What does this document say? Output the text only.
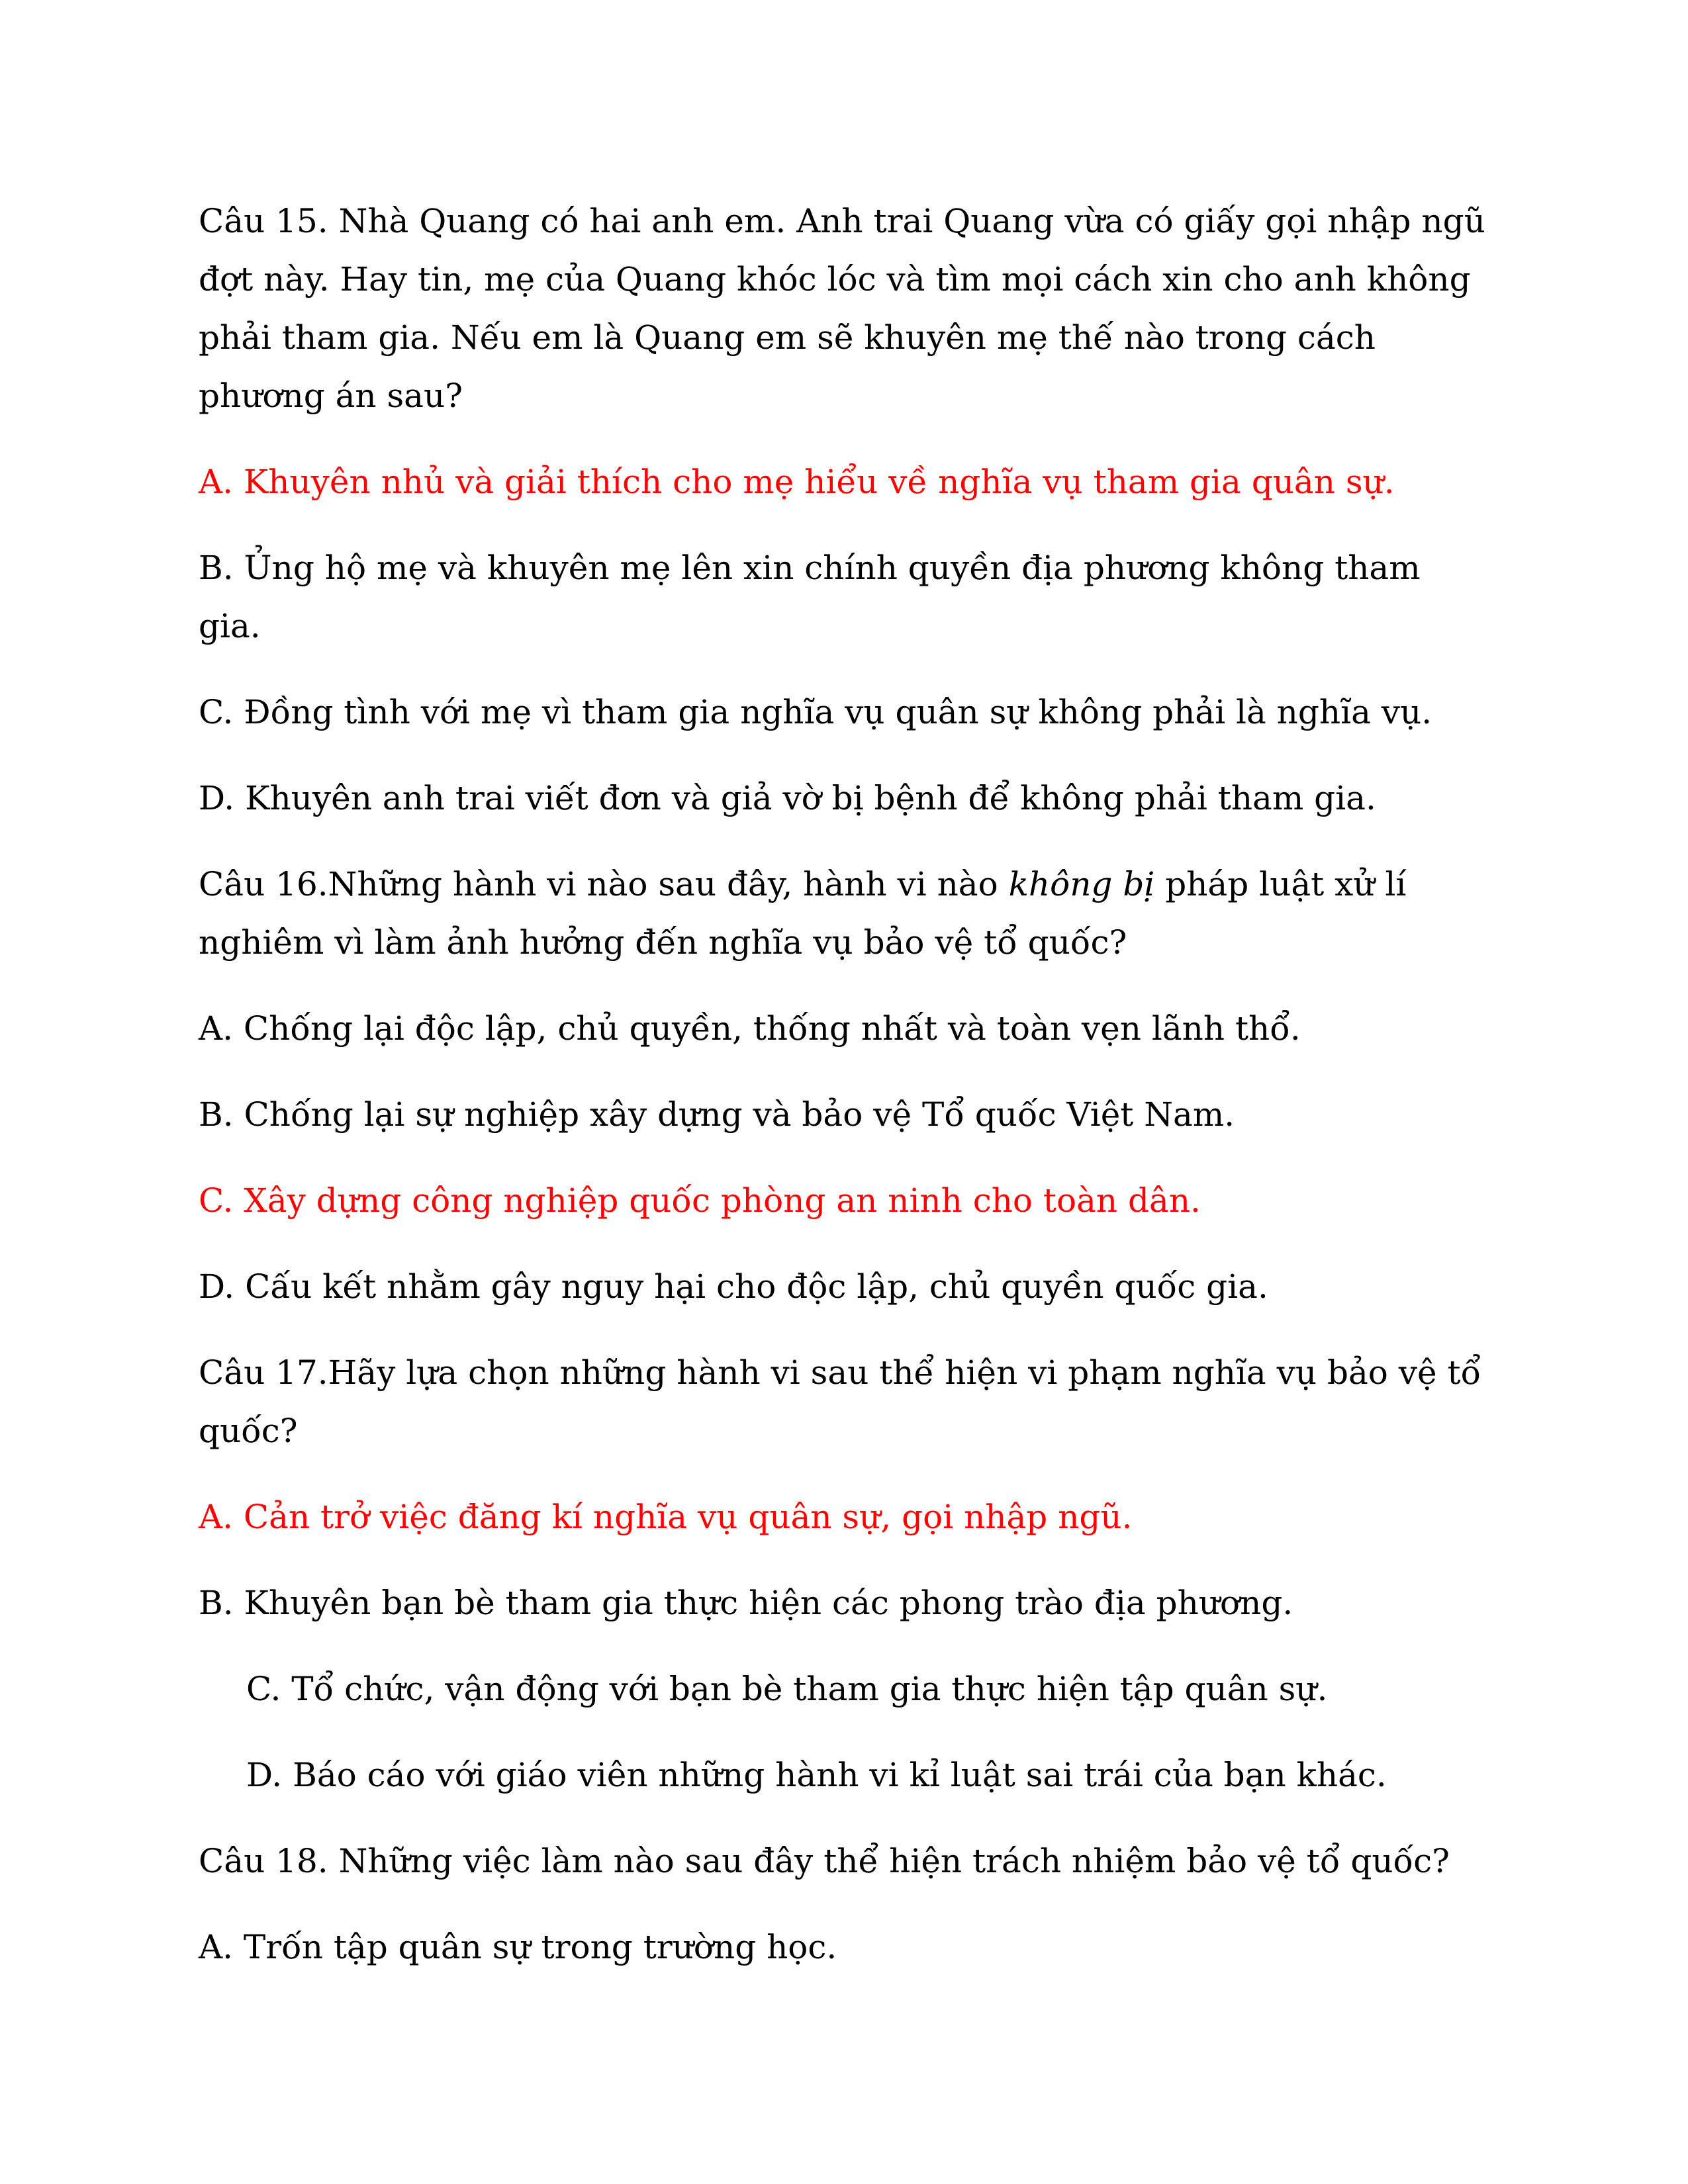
Câu 15. Nhà Quang có hai anh em. Anh trai Quang vừa có giấy gọi nhập ngũ đợt này. Hay tin, mẹ của Quang khóc lóc và tìm mọi cách xin cho anh không phải tham gia. Nếu em là Quang em sẽ khuyên mẹ thế nào trong cách phương án sau?

A. Khuyên nhủ và giải thích cho mẹ hiểu về nghĩa vụ tham gia quân sự.

B. Ủng hộ mẹ và khuyên mẹ lên xin chính quyền địa phương không tham gia.

C. Đồng tình với mẹ vì tham gia nghĩa vụ quân sự không phải là nghĩa vụ.

D. Khuyên anh trai viết đơn và giả vờ bị bệnh để không phải tham gia.

Câu 16.Những hành vi nào sau đây, hành vi nào không bị pháp luật xử lí nghiêm vì làm ảnh hưởng đến nghĩa vụ bảo vệ tổ quốc?

A. Chống lại độc lập, chủ quyền, thống nhất và toàn vẹn lãnh thổ.

B. Chống lại sự nghiệp xây dựng và bảo vệ Tổ quốc Việt Nam.

C. Xây dựng công nghiệp quốc phòng an ninh cho toàn dân.

D. Cấu kết nhằm gây nguy hại cho độc lập, chủ quyền quốc gia.

Câu 17.Hãy lựa chọn những hành vi sau thể hiện vi phạm nghĩa vụ bảo vệ tổ quốc?

A. Cản trở việc đăng kí nghĩa vụ quân sự, gọi nhập ngũ.

B. Khuyên bạn bè tham gia thực hiện các phong trào địa phương.

C. Tổ chức, vận động với bạn bè tham gia thực hiện tập quân sự.

D. Báo cáo với giáo viên những hành vi kỉ luật sai trái của bạn khác.

Câu 18. Những việc làm nào sau đây thể hiện trách nhiệm bảo vệ tổ quốc?

A. Trốn tập quân sự trong trường học.
